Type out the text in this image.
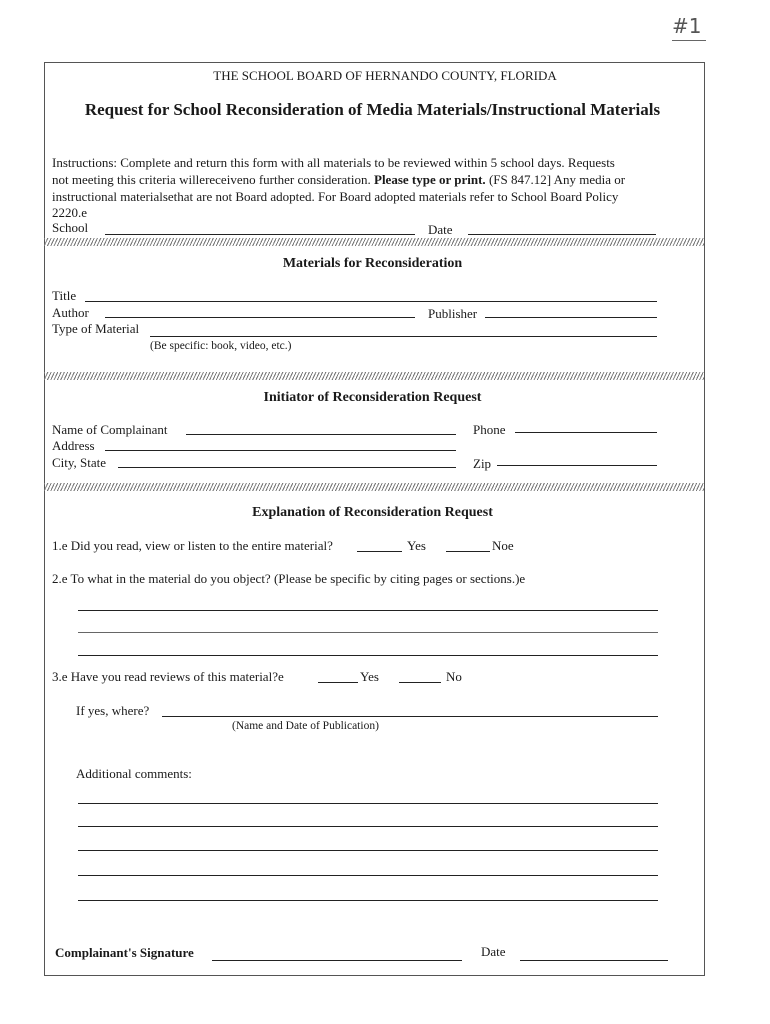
#1
THE SCHOOL BOARD OF HERNANDO COUNTY, FLORIDA
Request for School Reconsideration of Media Materials/Instructional Materials
Instructions: Complete and return this form with all materials to be reviewed within 5 school days. Requests
not meeting this criteria willereceiveno further consideration. Please type or print. (FS 847.12] Any media or
instructional materialsethat are not Board adopted. For Board adopted materials refer to School Board Policy
2220.e
School	Date
Materials for Reconsideration
Title
Author	Publisher
Type of Material
(Be specific: book, video, etc.)
Initiator of Reconsideration Request
Name of Complainant	Phone
Address
City, State	Zip
Explanation of Reconsideration Request
1.e Did you read, view or listen to the entire material?	Yes	Noe
2.e To what in the material do you object? (Please be specific by citing pages or sections.)e
3.e Have you read reviews of this material?e	Yes	No
If yes, where?
(Name and Date of Publication)
Additional comments:
Complainant's Signature	Date
